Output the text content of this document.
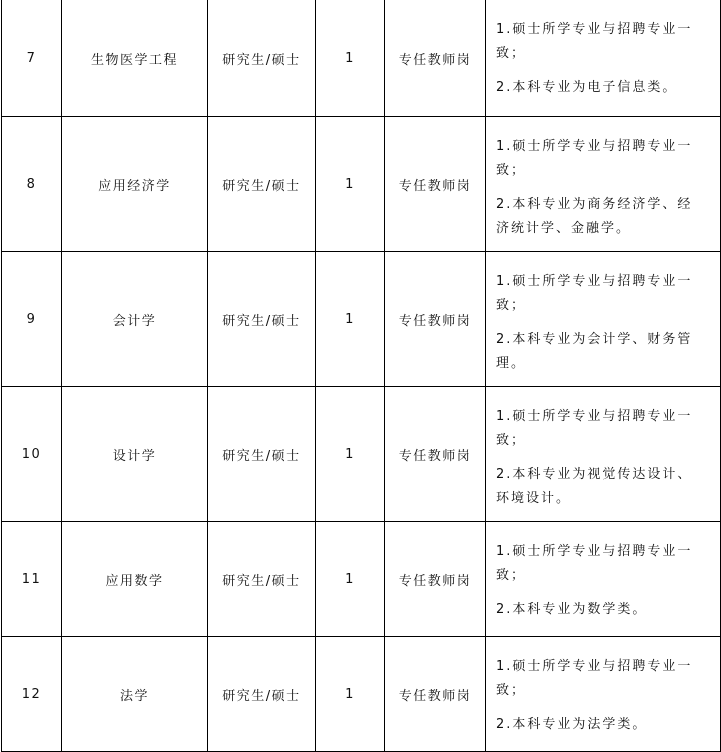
7	生物医学工程	研究生/硕士	1	专任教师岗	1.硕士所学专业与招聘专业一致；
2.本科专业为电子信息类。

8	应用经济学	研究生/硕士	1	专任教师岗	1.硕士所学专业与招聘专业一致；
2.本科专业为商务经济学、经济统计学、金融学。

9	会计学	研究生/硕士	1	专任教师岗	1.硕士所学专业与招聘专业一致；
2.本科专业为会计学、财务管理。

10	设计学	研究生/硕士	1	专任教师岗	1.硕士所学专业与招聘专业一致；
2.本科专业为视觉传达设计、环境设计。

11	应用数学	研究生/硕士	1	专任教师岗	1.硕士所学专业与招聘专业一致；
2.本科专业为数学类。

12	法学	研究生/硕士	1	专任教师岗	1.硕士所学专业与招聘专业一致；
2.本科专业为法学类。
